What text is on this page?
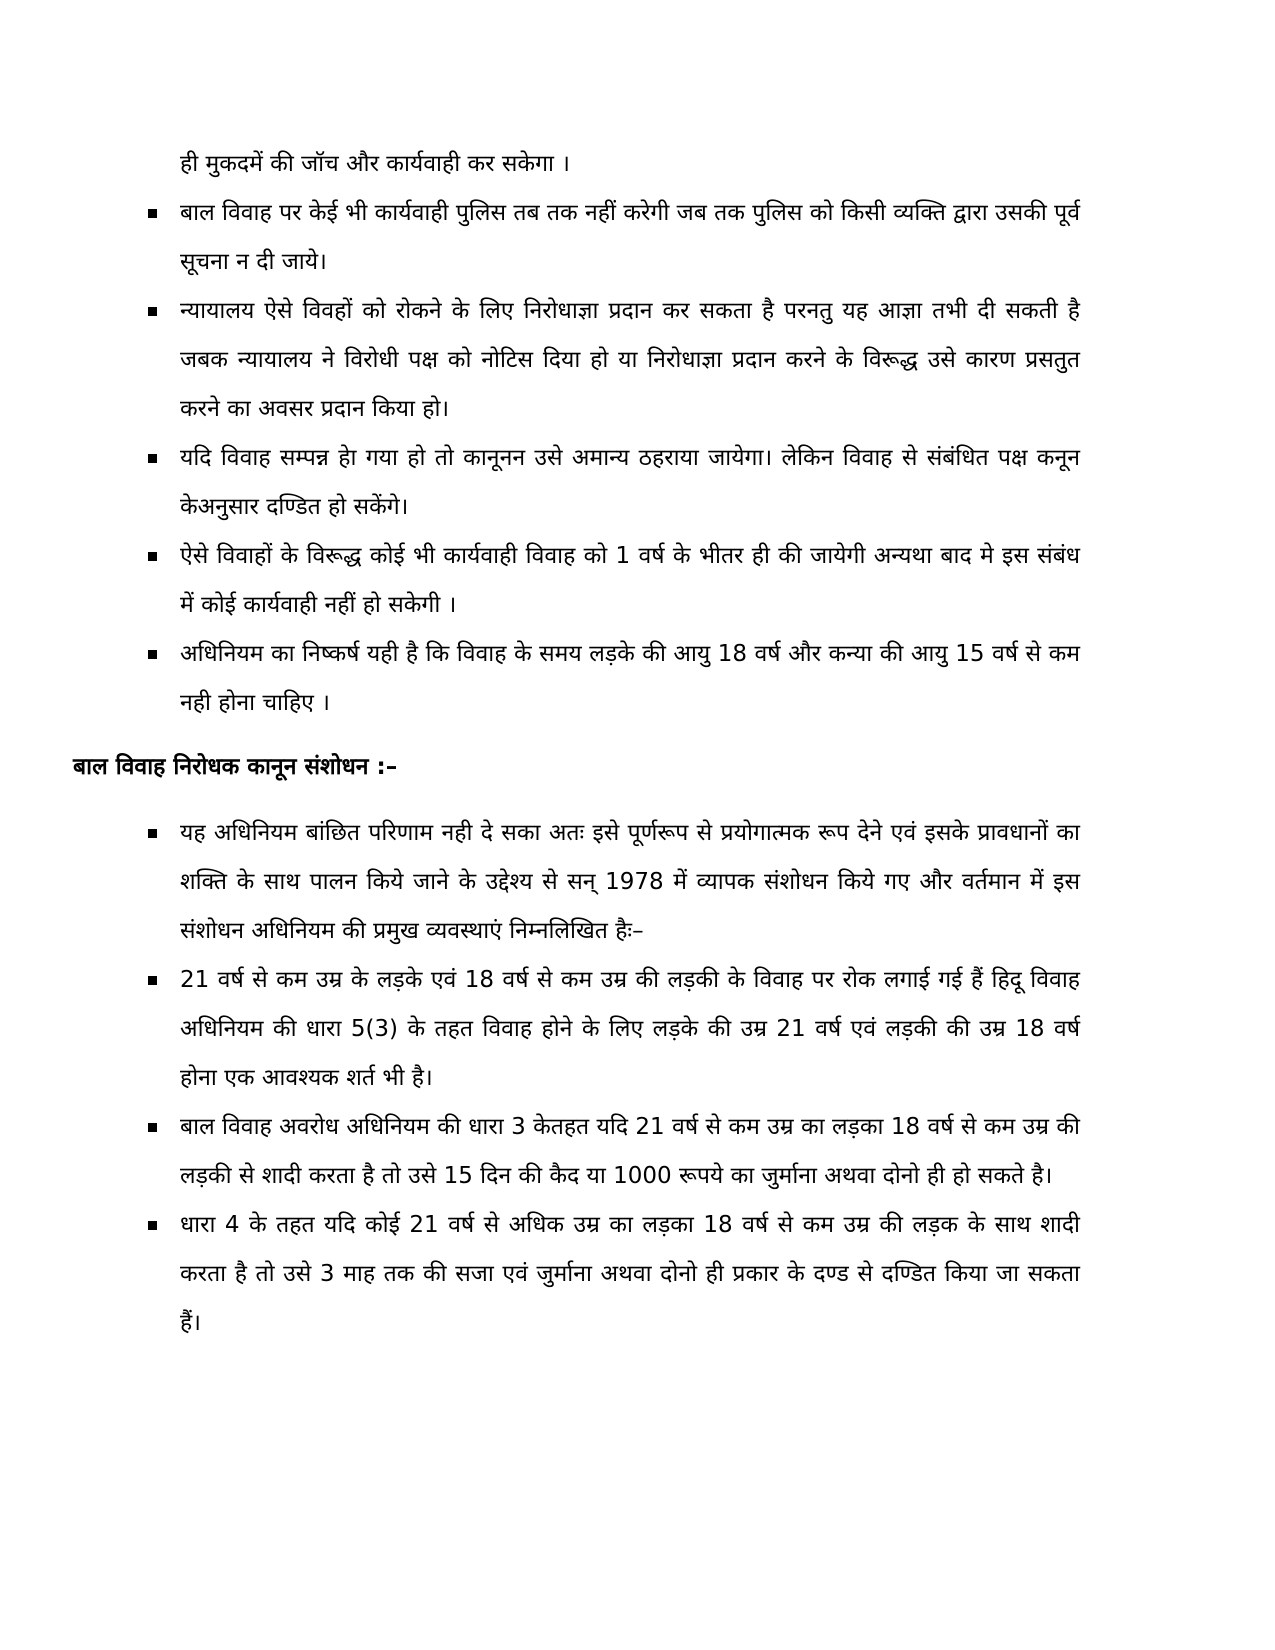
ही मुकदमें की जॉच और कार्यवाही कर सकेगा ।

बाल विवाह पर केई भी कार्यवाही पुलिस तब तक नहीं करेगी जब तक पुलिस को किसी व्यक्ति द्वारा उसकी पूर्व सूचना न दी जाये।
न्यायालय ऐसे विवहों को रोकने के लिए निरोधाज्ञा प्रदान कर सकता है परनतु यह आज्ञा तभी दी सकती है जबक न्यायालय ने विरोधी पक्ष को नोटिस दिया हो या निरोधाज्ञा प्रदान करने के विरूद्ध उसे कारण प्रसतुत करने का अवसर प्रदान किया हो।
यदि विवाह सम्पन्न हेा गया हो तो कानूनन उसे अमान्य ठहराया जायेगा। लेकिन विवाह से संबंधित पक्ष कनून केअनुसार दण्डित हो सकेंगे।
ऐसे विवाहों के विरूद्ध कोई भी कार्यवाही विवाह को 1 वर्ष के भीतर ही की जायेगी अन्यथा बाद मे इस संबंध में कोई कार्यवाही नहीं हो सकेगी ।
अधिनियम का निष्कर्ष यही है कि विवाह के समय लड़के की आयु 18 वर्ष और कन्या की आयु 15 वर्ष से कम नही होना चाहिए ।
बाल विवाह निरोधक कानून संशोधन :–
यह अधिनियम बांछित परिणाम नही दे सका अतः इसे पूर्णरूप से प्रयोगात्मक रूप देने एवं इसके प्रावधानों का शक्ति के साथ पालन किये जाने के उद्देश्य से सन् 1978 में व्यापक संशोधन किये गए और वर्तमान में इस संशोधन अधिनियम की प्रमुख व्यवस्थाएं निम्नलिखित हैः–
21 वर्ष से कम उम्र के लड़के एवं 18 वर्ष से कम उम्र की लड़की के विवाह पर रोक लगाई गई हैं हिदू विवाह अधिनियम की धारा 5(3) के तहत विवाह होने के लिए लड़के की उम्र 21 वर्ष एवं लड़की की उम्र 18 वर्ष होना एक आवश्यक शर्त भी है।
बाल विवाह अवरोध अधिनियम की धारा 3 केतहत यदि 21 वर्ष से कम उम्र का लड़का 18 वर्ष से कम उम्र की लड़की से शादी करता है तो उसे 15 दिन की कैद या 1000 रूपये का जुर्माना अथवा दोनो ही हो सकते है।
धारा 4 के तहत यदि कोई 21 वर्ष से अधिक उम्र का लड़का 18 वर्ष से कम उम्र की लड़क के साथ शादी करता है तो उसे 3 माह तक की सजा एवं जुर्माना अथवा दोनो ही प्रकार के दण्ड से दण्डित किया जा सकता हैं।
